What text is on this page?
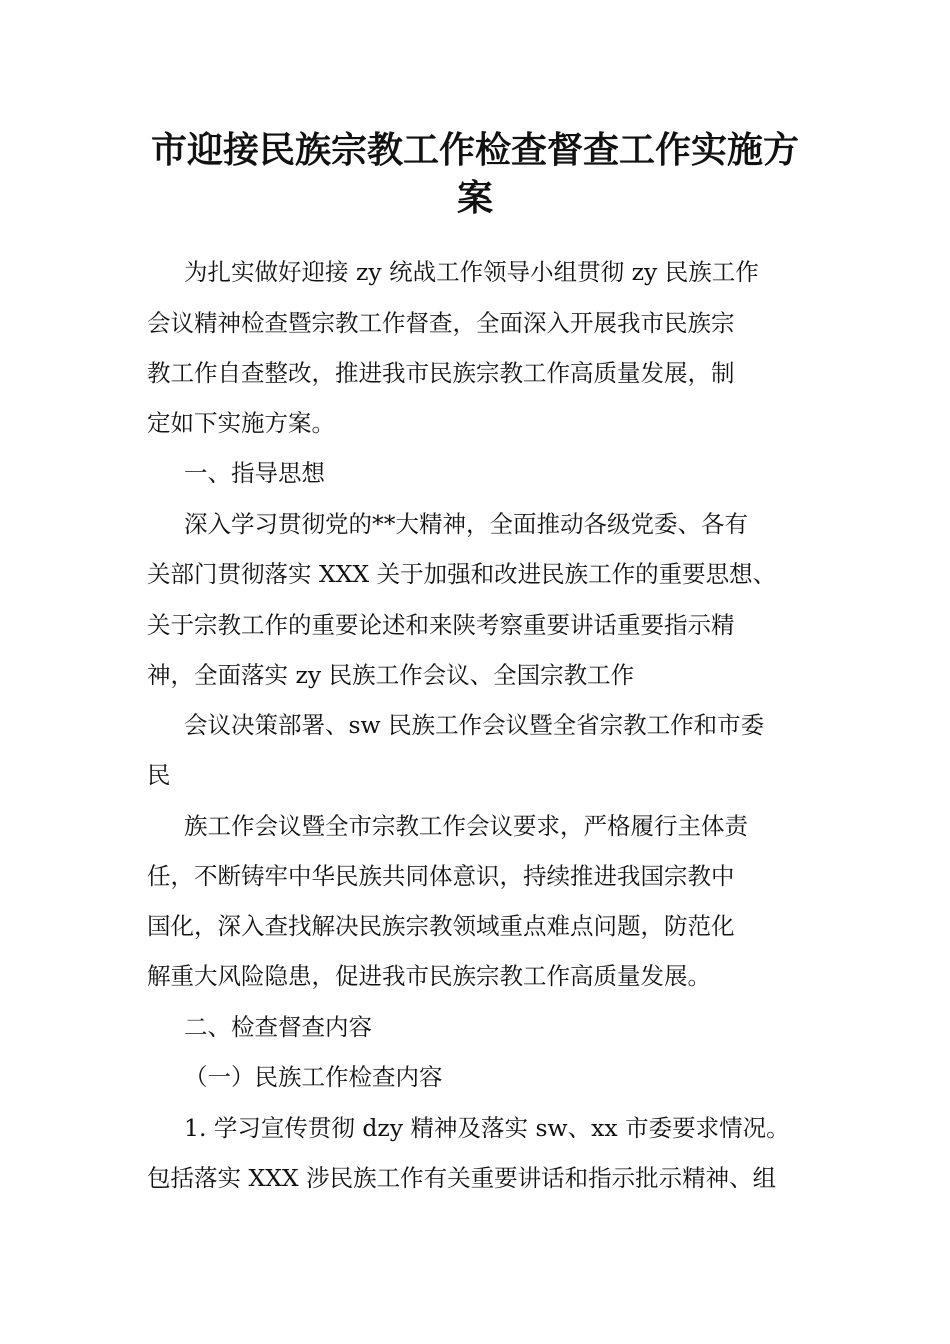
市迎接民族宗教工作检查督查工作实施方
案

为扎实做好迎接 zy 统战工作领导小组贯彻 zy 民族工作

会议精神检查暨宗教工作督查，全面深入开展我市民族宗

教工作自查整改，推进我市民族宗教工作高质量发展，制

定如下实施方案。

一、指导思想

深入学习贯彻党的**大精神，全面推动各级党委、各有

关部门贯彻落实 XXX 关于加强和改进民族工作的重要思想、

关于宗教工作的重要论述和来陕考察重要讲话重要指示精

神，全面落实 zy 民族工作会议、全国宗教工作

会议决策部署、sw 民族工作会议暨全省宗教工作和市委

民

族工作会议暨全市宗教工作会议要求，严格履行主体责

任，不断铸牢中华民族共同体意识，持续推进我国宗教中

国化，深入查找解决民族宗教领域重点难点问题，防范化

解重大风险隐患，促进我市民族宗教工作高质量发展。

二、检查督查内容

（一）民族工作检查内容

1. 学习宣传贯彻 dzy 精神及落实 sw、xx 市委要求情况。

包括落实 XXX 涉民族工作有关重要讲话和指示批示精神、组
